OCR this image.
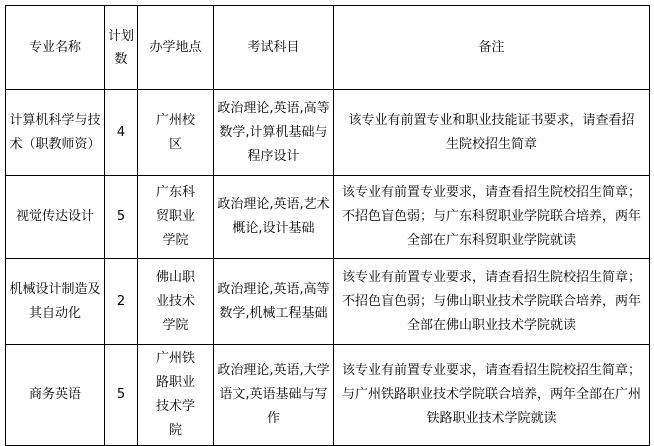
专业名称	计划数	办学地点	考试科目	备注
计算机科学与技术（职教师资）	4	广州校区	政治理论,英语,高等数学,计算机基础与程序设计	该专业有前置专业和职业技能证书要求，请查看招生院校招生简章
视觉传达设计	5	广东科贸职业学院	政治理论,英语,艺术概论,设计基础	该专业有前置专业要求，请查看招生院校招生简章；不招色盲色弱；与广东科贸职业学院联合培养，两年全部在广东科贸职业学院就读
机械设计制造及其自动化	2	佛山职业技术学院	政治理论,英语,高等数学,机械工程基础	该专业有前置专业要求，请查看招生院校招生简章；不招色盲色弱；与佛山职业技术学院联合培养，两年全部在佛山职业技术学院就读
商务英语	5	广州铁路职业技术学院	政治理论,英语,大学语文,英语基础与写作	该专业有前置专业要求，请查看招生院校招生简章；与广州铁路职业技术学院联合培养，两年全部在广州铁路职业技术学院就读
